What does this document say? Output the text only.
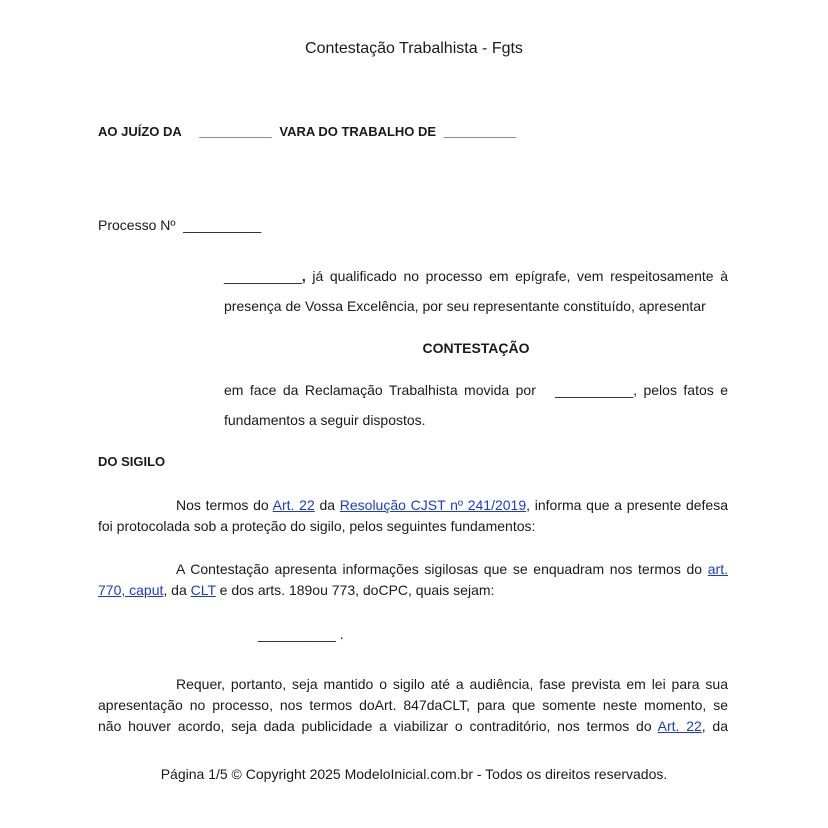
Contestação Trabalhista - Fgts
AO JUÍZO DA __________ VARA DO TRABALHO DE __________
Processo Nº __________
__________, já qualificado no processo em epígrafe, vem respeitosamente à
presença de Vossa Excelência, por seu representante constituído, apresentar
CONTESTAÇÃO
em face da Reclamação Trabalhista movida por __________, pelos fatos e
fundamentos a seguir dispostos.
DO SIGILO
Nos termos do Art. 22 da Resolução CJST nº 241/2019, informa que a presente defesa
foi protocolada sob a proteção do sigilo, pelos seguintes fundamentos:
A Contestação apresenta informações sigilosas que se enquadram nos termos do art.
770, caput, da CLT e dos arts. 189ou 773, doCPC, quais sejam:
__________ .
Requer, portanto, seja mantido o sigilo até a audiência, fase prevista em lei para sua
apresentação no processo, nos termos doArt. 847daCLT, para que somente neste momento, se
não houver acordo, seja dada publicidade a viabilizar o contraditório, nos termos do Art. 22, da
Página 1/5 © Copyright 2025 ModeloInicial.com.br - Todos os direitos reservados.
